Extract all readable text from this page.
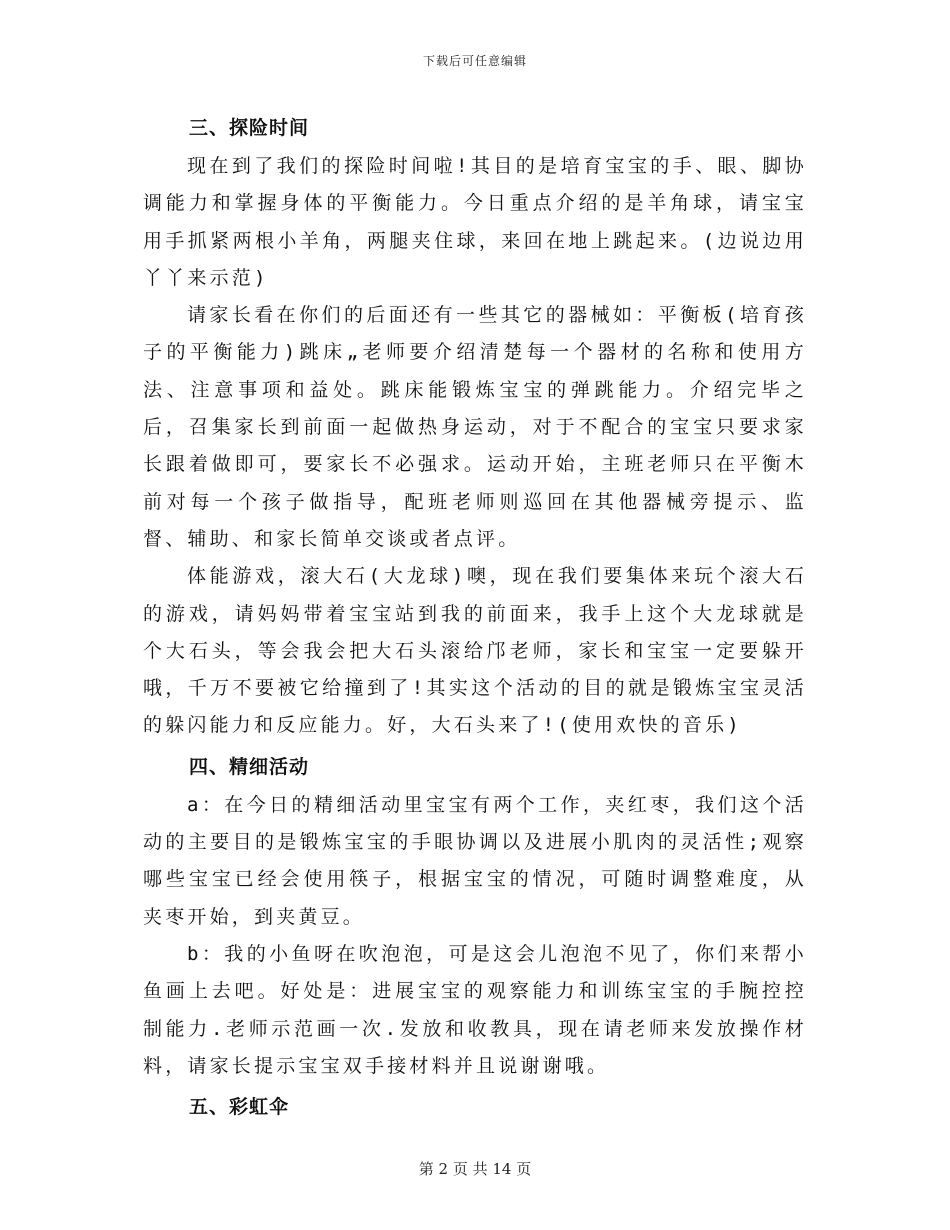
下载后可任意编辑
三、探险时间

现在到了我们的探险时间啦!其目的是培育宝宝的手、眼、脚协调能力和掌握身体的平衡能力。今日重点介绍的是羊角球，请宝宝用手抓紧两根小羊角，两腿夹住球，来回在地上跳起来。(边说边用丫丫来示范)

请家长看在你们的后面还有一些其它的器械如：平衡板(培育孩子的平衡能力)跳床„老师要介绍清楚每一个器材的名称和使用方法、注意事项和益处。跳床能锻炼宝宝的弹跳能力。介绍完毕之后，召集家长到前面一起做热身运动，对于不配合的宝宝只要求家长跟着做即可，要家长不必强求。运动开始，主班老师只在平衡木前对每一个孩子做指导，配班老师则巡回在其他器械旁提示、监督、辅助、和家长简单交谈或者点评。

体能游戏，滚大石(大龙球)噢，现在我们要集体来玩个滚大石的游戏，请妈妈带着宝宝站到我的前面来，我手上这个大龙球就是个大石头，等会我会把大石头滚给邝老师，家长和宝宝一定要躲开哦，千万不要被它给撞到了!其实这个活动的目的就是锻炼宝宝灵活的躲闪能力和反应能力。好，大石头来了!(使用欢快的音乐)

四、精细活动

a：在今日的精细活动里宝宝有两个工作，夹红枣，我们这个活动的主要目的是锻炼宝宝的手眼协调以及进展小肌肉的灵活性;观察哪些宝宝已经会使用筷子，根据宝宝的情况，可随时调整难度，从夹枣开始，到夹黄豆。

b：我的小鱼呀在吹泡泡，可是这会儿泡泡不见了，你们来帮小鱼画上去吧。好处是：进展宝宝的观察能力和训练宝宝的手腕控控制能力.老师示范画一次.发放和收教具，现在请老师来发放操作材料，请家长提示宝宝双手接材料并且说谢谢哦。

五、彩虹伞
第 2 页 共 14 页
